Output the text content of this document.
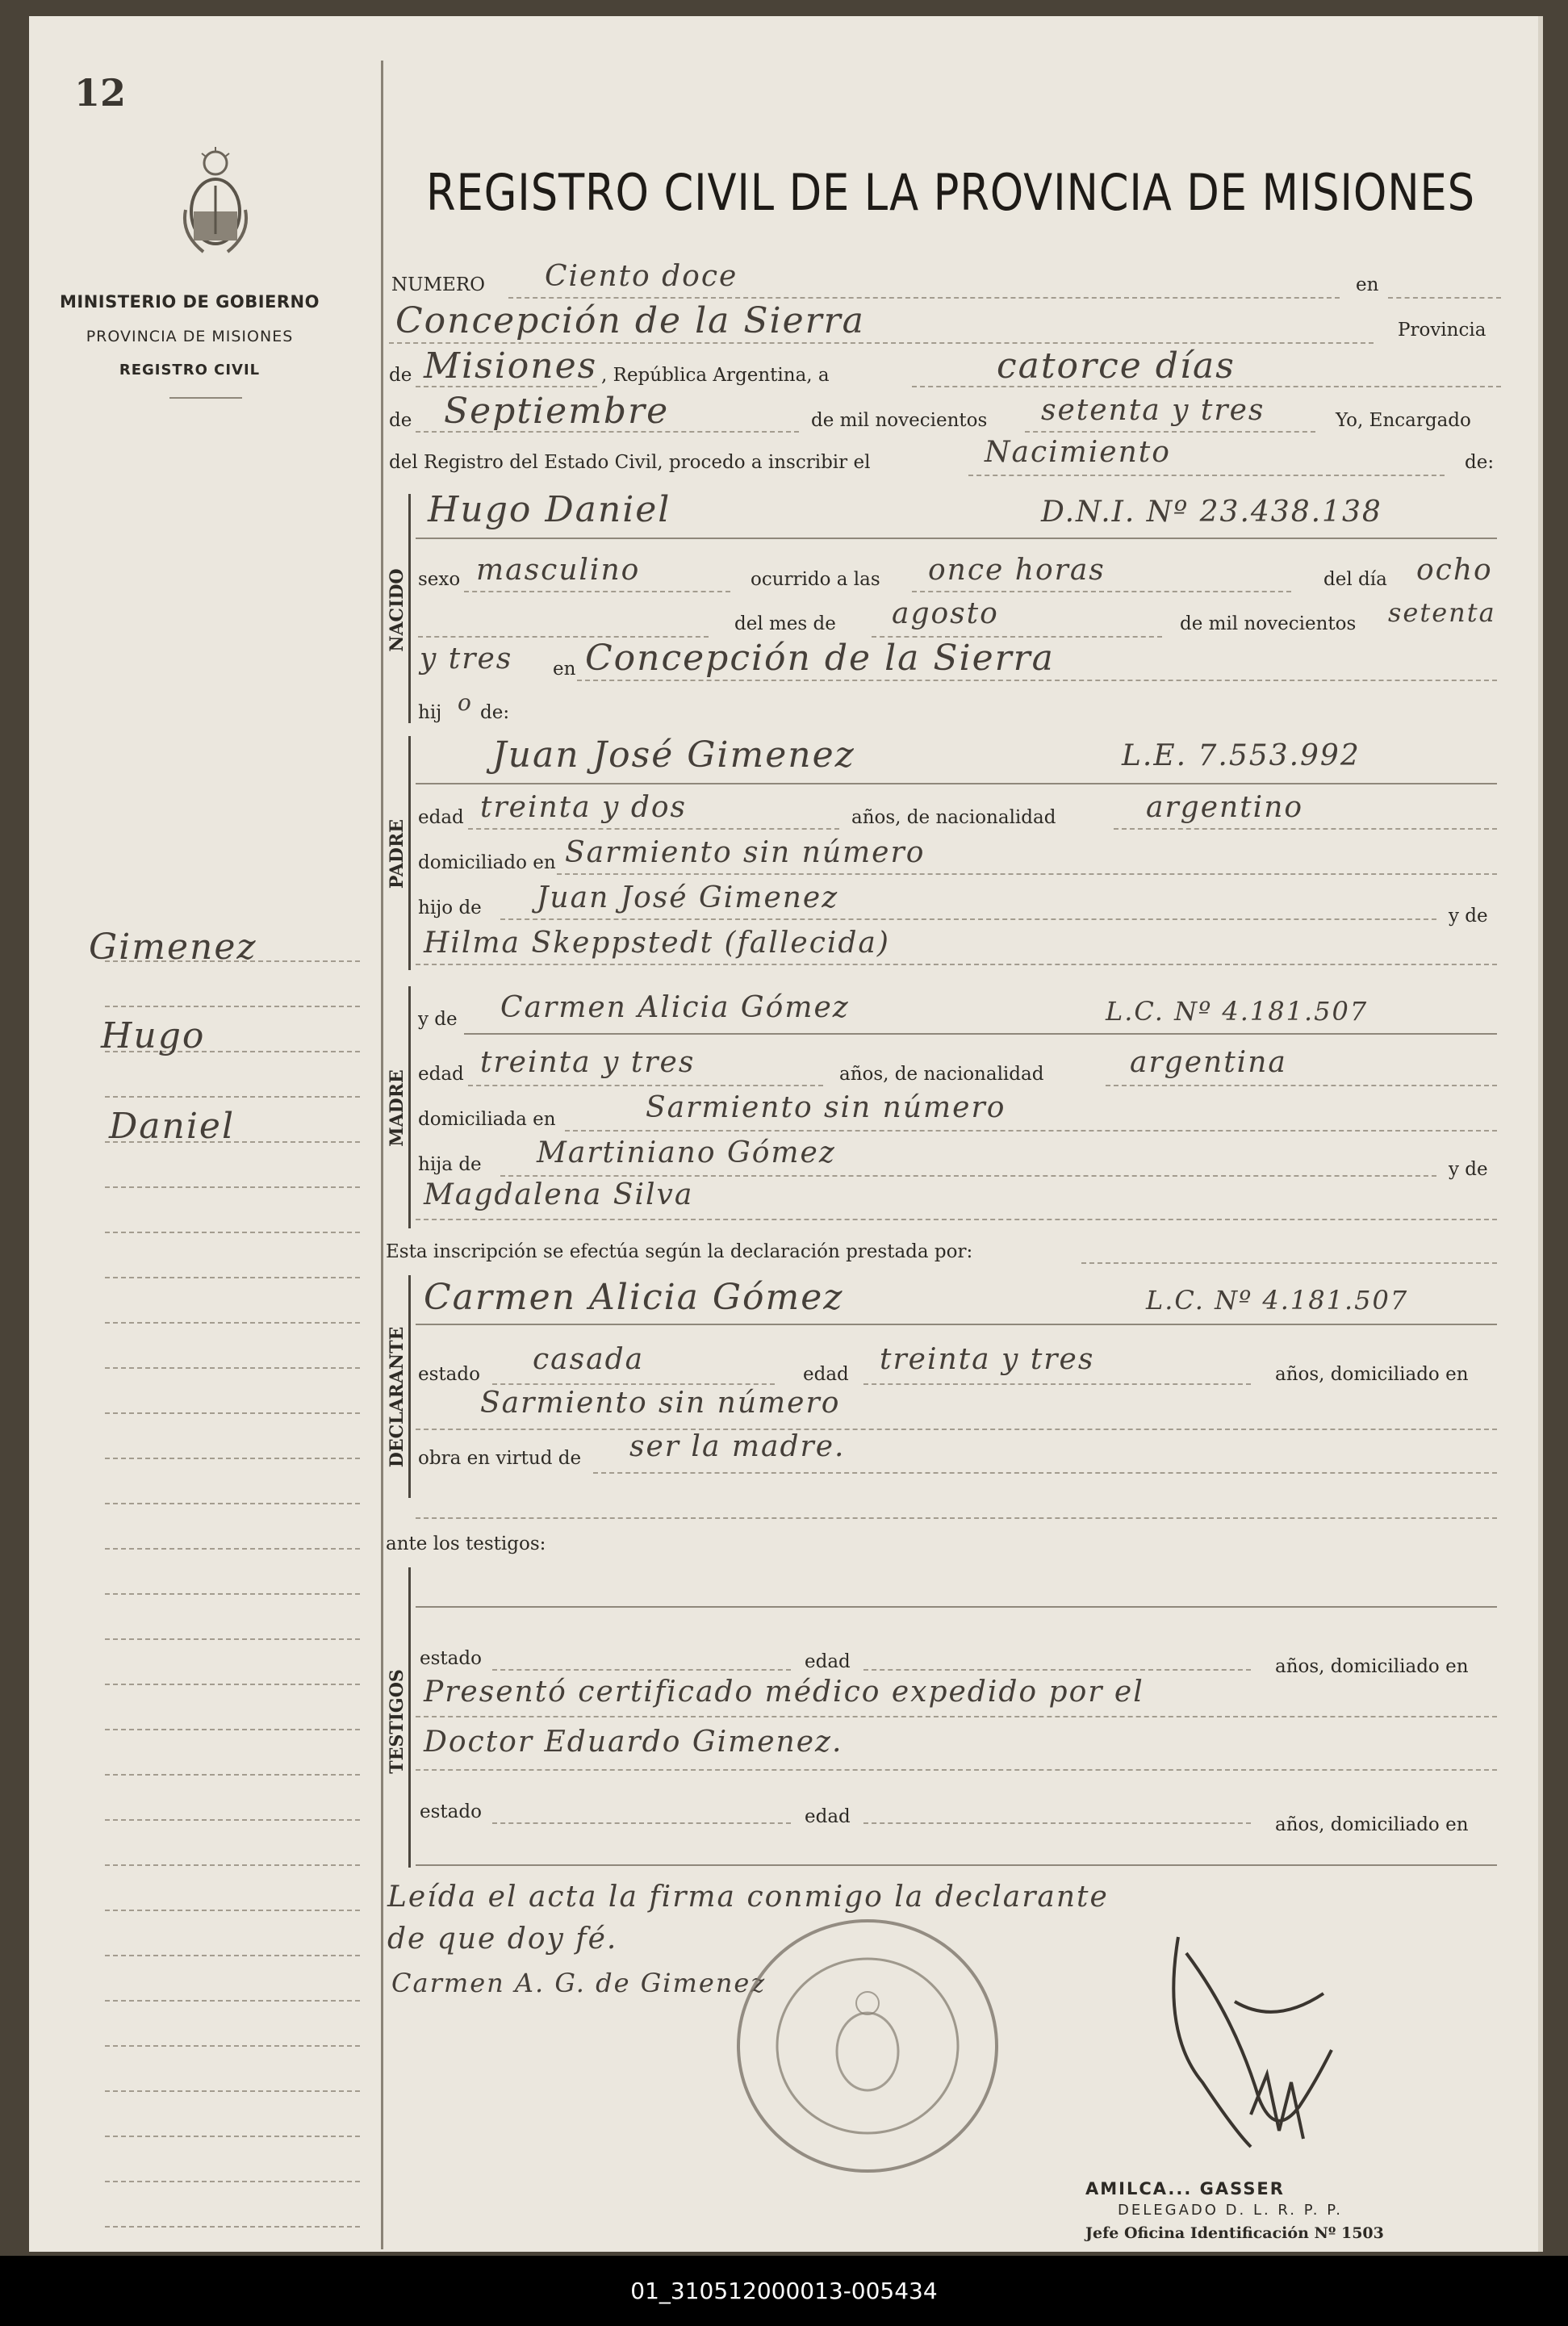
12
MINISTERIO DE GOBIERNO
PROVINCIA DE MISIONES
REGISTRO CIVIL
REGISTRO CIVIL DE LA PROVINCIA DE MISIONES
Gimenez
Hugo
Daniel
NUMERO Ciento doce	en
Concepción de la Sierra	Provincia
de Misiones , República Argentina, a	catorce días
de Septiembre	de mil novecientos setenta y tres	Yo, Encargado
del Registro del Estado Civil, procedo a inscribir el	Nacimiento	de:
NACIDO
Hugo Daniel	D.N.I. Nº 23.438.138
sexo masculino	ocurrido a las once horas	del día ocho
del mes de agosto	de mil novecientos setenta
y tres en Concepción de la Sierra
hij o de:
PADRE
Juan José Gimenez	L.E. 7.553.992
edad treinta y dos	años, de nacionalidad	argentino
domiciliado en Sarmiento sin número
hijo de Juan José Gimenez
y de
Hilma Skeppstedt (fallecida)
MADRE
y de Carmen Alicia Gómez	L.C. Nº 4.181.507
edad treinta y tres	años, de nacionalidad	argentina
domiciliada en	Sarmiento sin número
hija de Martiniano Gómez	y de
Magdalena Silva
Esta inscripción se efectúa según la declaración prestada por:
DECLARANTE
Carmen Alicia Gómez	L.C. Nº 4.181.507
estado casada	edad treinta y tres	años, domiciliado en
Sarmiento sin número
obra en virtud de ser la madre.
ante los testigos:
TESTIGOS
estado	edad	años, domiciliado en
Presentó certificado médico expedido por el
Doctor Eduardo Gimenez.
estado	edad	años, domiciliado en
Leída el acta la firma conmigo la declarante
de que doy fé.
Carmen A. G. de Gimenez
AMILCA... GASSER
DELEGADO D. L. R. P. P.
Jefe Oficina Identificación Nº 1503
01_310512000013-005434
